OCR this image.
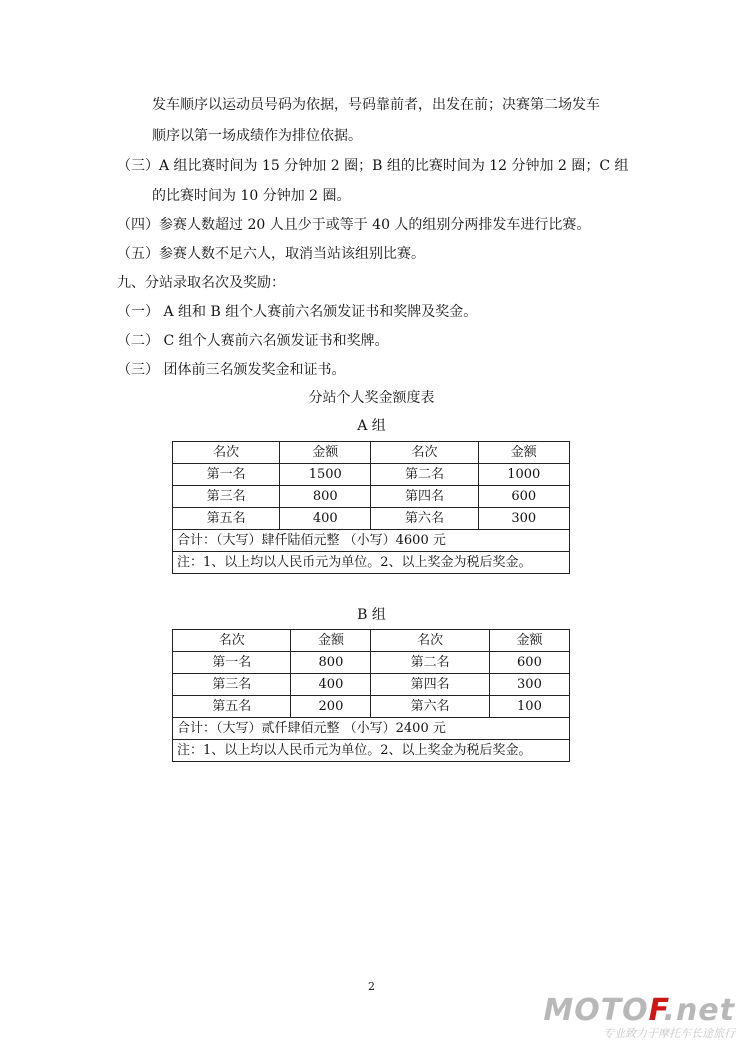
发车顺序以运动员号码为依据，号码靠前者，出发在前；决赛第二场发车
顺序以第一场成绩作为排位依据。
（三）A 组比赛时间为 15 分钟加 2 圈；B 组的比赛时间为 12 分钟加 2 圈；C 组
的比赛时间为 10 分钟加 2 圈。
（四）参赛人数超过 20 人且少于或等于 40 人的组别分两排发车进行比赛。
（五）参赛人数不足六人，取消当站该组别比赛。
九、分站录取名次及奖励：
（一） A 组和 B 组个人赛前六名颁发证书和奖牌及奖金。
（二） C 组个人赛前六名颁发证书和奖牌。
（三） 团体前三名颁发奖金和证书。
分站个人奖金额度表
A 组
名次	金额	名次	金额
第一名	1500	第二名	1000
第三名	800	第四名	600
第五名	400	第六名	300
合计：（大写）肆仟陆佰元整 （小写）4600 元			
注：1、以上均以人民币元为单位。2、以上奖金为税后奖金。			
B 组
名次	金额	名次	金额
第一名	800	第二名	600
第三名	400	第四名	300
第五名	200	第六名	100
合计：（大写）贰仟肆佰元整 （小写）2400 元			
注：1、以上均以人民币元为单位。2、以上奖金为税后奖金。			
2
MOTOF.net
专业致力于摩托车长途旅行
